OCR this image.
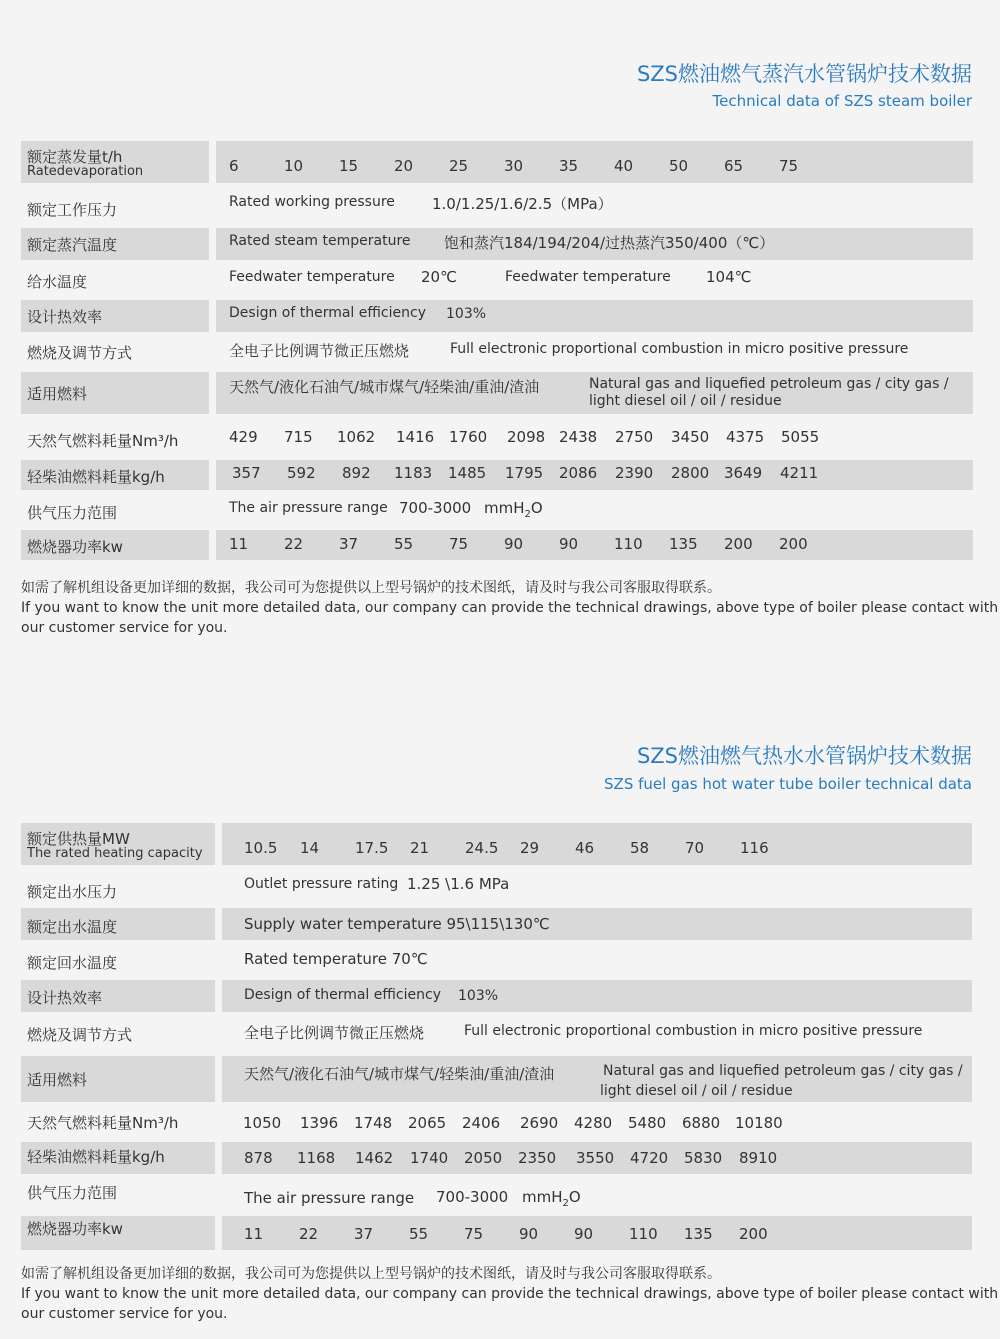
SZS燃油燃气蒸汽水管锅炉技术数据
Technical data of SZS steam boiler
额定蒸发量t/h
Ratedevaporation	6	10 15 20 25 30 35 40 50 65 75
额定工作压力	Rated working pressure 1.0/1.25/1.6/2.5（MPa）
额定蒸汽温度	Rated steam temperature 饱和蒸汽184/194/204/过热蒸汽350/400（℃）
给水温度	Feedwater temperature 20℃	Feedwater temperature 104℃
设计热效率	Design of thermal efficiency 103%
燃烧及调节方式	全电子比例调节微正压燃烧	Full electronic proportional combustion in micro positive pressure
适用燃料	天然气/液化石油气/城市煤气/轻柴油/重油/渣油	Natural gas and liquefied petroleum gas / city gas /
light diesel oil / oil / residue
天然气燃料耗量Nm³/h	429 715 1062 1416 1760 2098 2438 2750 3450 4375 5055
轻柴油燃料耗量kg/h	357 592 892 1183 1485 1795 2086 2390 2800 3649 4211
供气压力范围	The air pressure range 700-3000 mmH$_2$O
燃烧器功率kw	11 22 37 55 75 90 90 110 135 200 200
如需了解机组设备更加详细的数据，我公司可为您提供以上型号锅炉的技术图纸，请及时与我公司客服取得联系。
If you want to know the unit more detailed data, our company can provide the technical drawings, above type of boiler please contact with
our customer service for you.
SZS燃油燃气热水水管锅炉技术数据
SZS fuel gas hot water tube boiler technical data
额定供热量MW
The rated heating capacity	10.5 14 17.5 21 24.5 29 46 58 70 116
额定出水压力	Outlet pressure rating 1.25 \1.6 MPa
额定出水温度	Supply water temperature 95\115\130℃
额定回水温度	Rated temperature 70℃
设计热效率	Design of thermal efficiency 103%
燃烧及调节方式	全电子比例调节微正压燃烧	Full electronic proportional combustion in micro positive pressure
适用燃料	天然气/液化石油气/城市煤气/轻柴油/重油/渣油	Natural gas and liquefied petroleum gas / city gas /
light diesel oil / oil / residue
天然气燃料耗量Nm³/h	1050 1396 1748 2065 2406 2690 4280 5480 6880 10180
轻柴油燃料耗量kg/h	878 1168 1462 1740 2050 2350 3550 4720 5830 8910
供气压力范围	The air pressure range 700-3000 mmH$_2$O
燃烧器功率kw	11 22 37 55 75 90 90 110 135 200
如需了解机组设备更加详细的数据，我公司可为您提供以上型号锅炉的技术图纸，请及时与我公司客服取得联系。
If you want to know the unit more detailed data, our company can provide the technical drawings, above type of boiler please contact with
our customer service for you.
